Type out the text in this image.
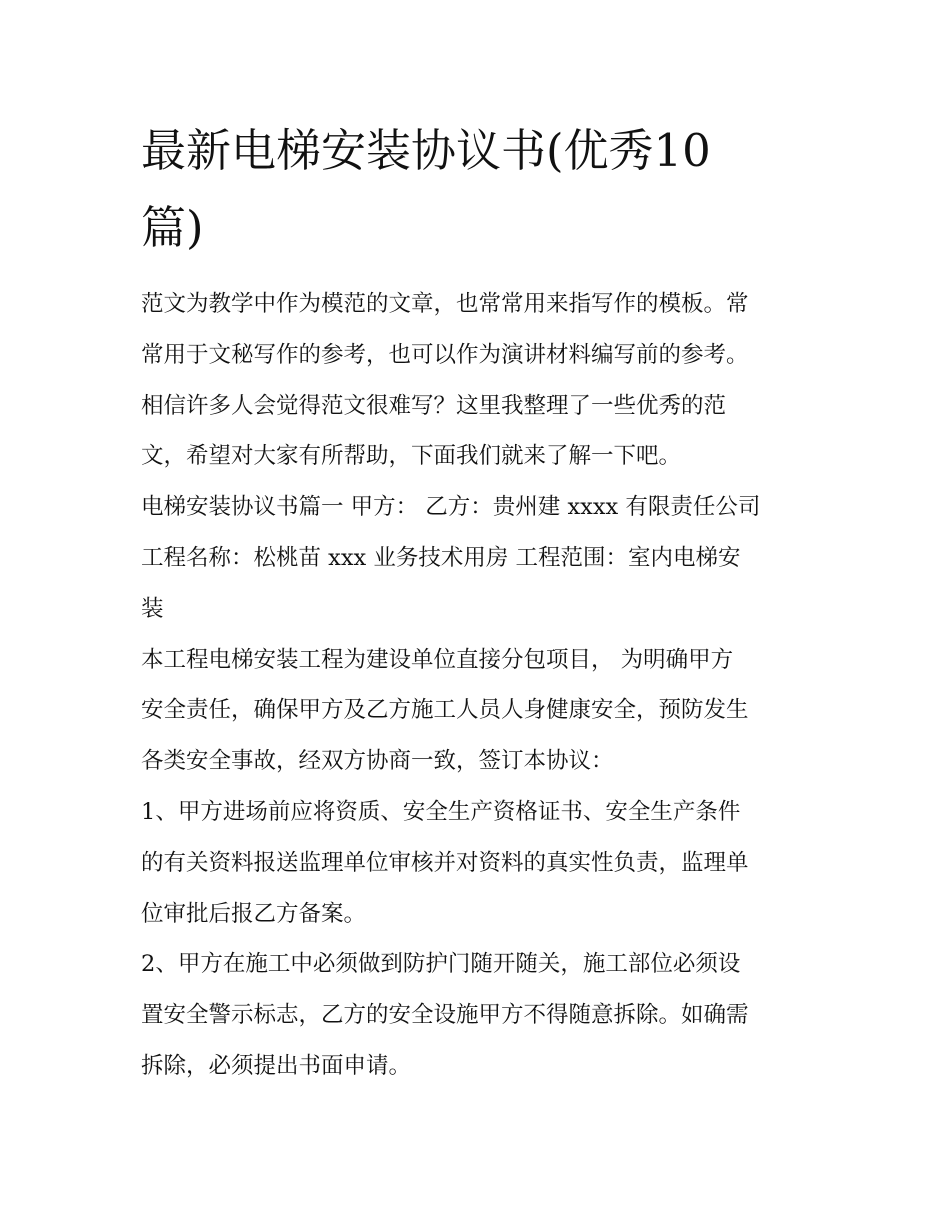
最新电梯安装协议书(优秀10
篇)
范文为教学中作为模范的文章，也常常用来指写作的模板。常
常用于文秘写作的参考，也可以作为演讲材料编写前的参考。
相信许多人会觉得范文很难写？这里我整理了一些优秀的范
文，希望对大家有所帮助，下面我们就来了解一下吧。
电梯安装协议书篇一 甲方： 乙方：贵州建 xxxx 有限责任公司
工程名称：松桃苗 xxx 业务技术用房 工程范围：室内电梯安
装
本工程电梯安装工程为建设单位直接分包项目， 为明确甲方
安全责任，确保甲方及乙方施工人员人身健康安全，预防发生
各类安全事故，经双方协商一致，签订本协议：
1、甲方进场前应将资质、安全生产资格证书、安全生产条件
的有关资料报送监理单位审核并对资料的真实性负责，监理单
位审批后报乙方备案。
2、甲方在施工中必须做到防护门随开随关，施工部位必须设
置安全警示标志，乙方的安全设施甲方不得随意拆除。如确需
拆除，必须提出书面申请。
